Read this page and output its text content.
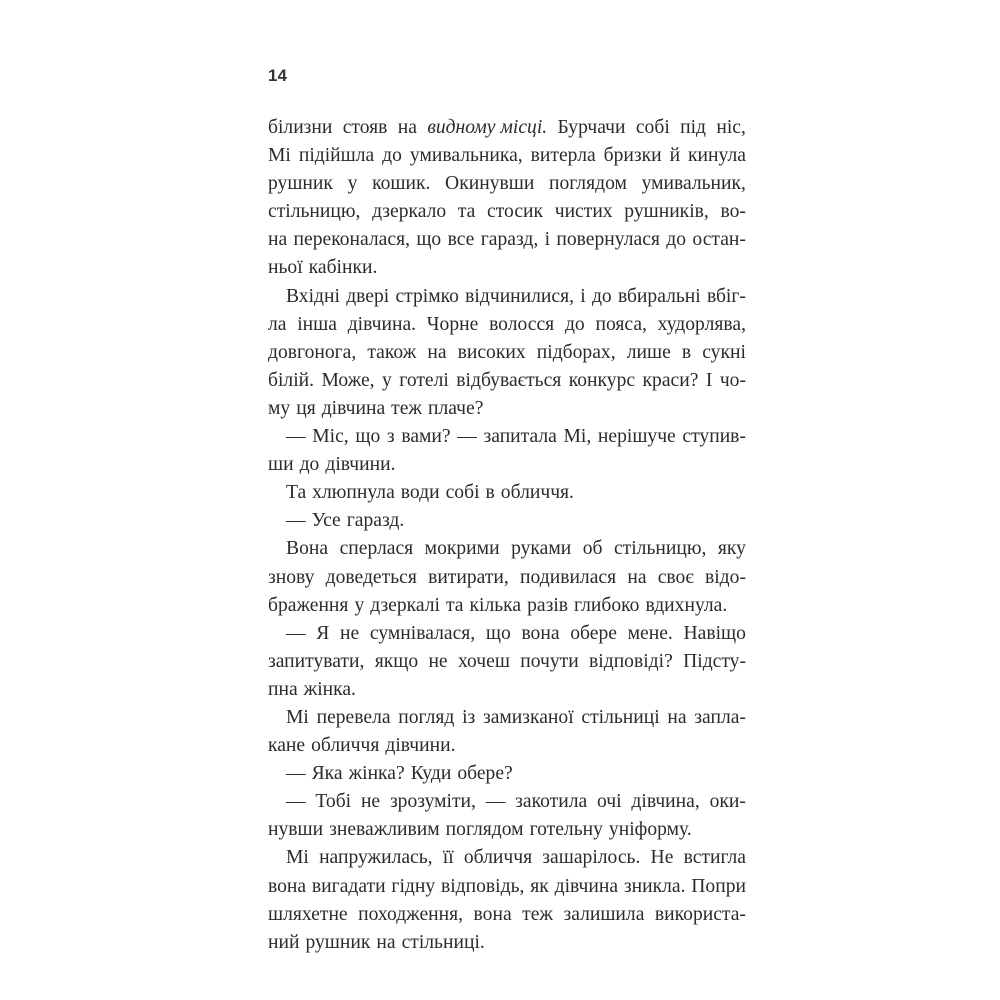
14
білизни стояв на видному місці. Бурчачи собі під ніс,
Мі підійшла до умивальника, витерла бризки й кинула
рушник у кошик. Окинувши поглядом умивальник,
стільницю, дзеркало та стосик чистих рушників, во-
на переконалася, що все гаразд, і повернулася до остан-
ньої кабінки.
Вхідні двері стрімко відчинилися, і до вбиральні вбіг-
ла інша дівчина. Чорне волосся до пояса, худорлява,
довгонога, також на високих підборах, лише в сукні
білій. Може, у готелі відбувається конкурс краси? І чо-
му ця дівчина теж плаче?
— Міс, що з вами? — запитала Мі, нерішуче ступив-
ши до дівчини.
Та хлюпнула води собі в обличчя.
— Усе гаразд.
Вона сперлася мокрими руками об стільницю, яку
знову доведеться витирати, подивилася на своє відо-
браження у дзеркалі та кілька разів глибоко вдихнула.
— Я не сумнівалася, що вона обере мене. Навіщо
запитувати, якщо не хочеш почути відповіді? Підсту-
пна жінка.
Мі перевела погляд із замизканої стільниці на запла-
кане обличчя дівчини.
— Яка жінка? Куди обере?
— Тобі не зрозуміти, — закотила очі дівчина, оки-
нувши зневажливим поглядом готельну уніформу.
Мі напружилась, її обличчя зашарілось. Не встигла
вона вигадати гідну відповідь, як дівчина зникла. Попри
шляхетне походження, вона теж залишила використа-
ний рушник на стільниці.
